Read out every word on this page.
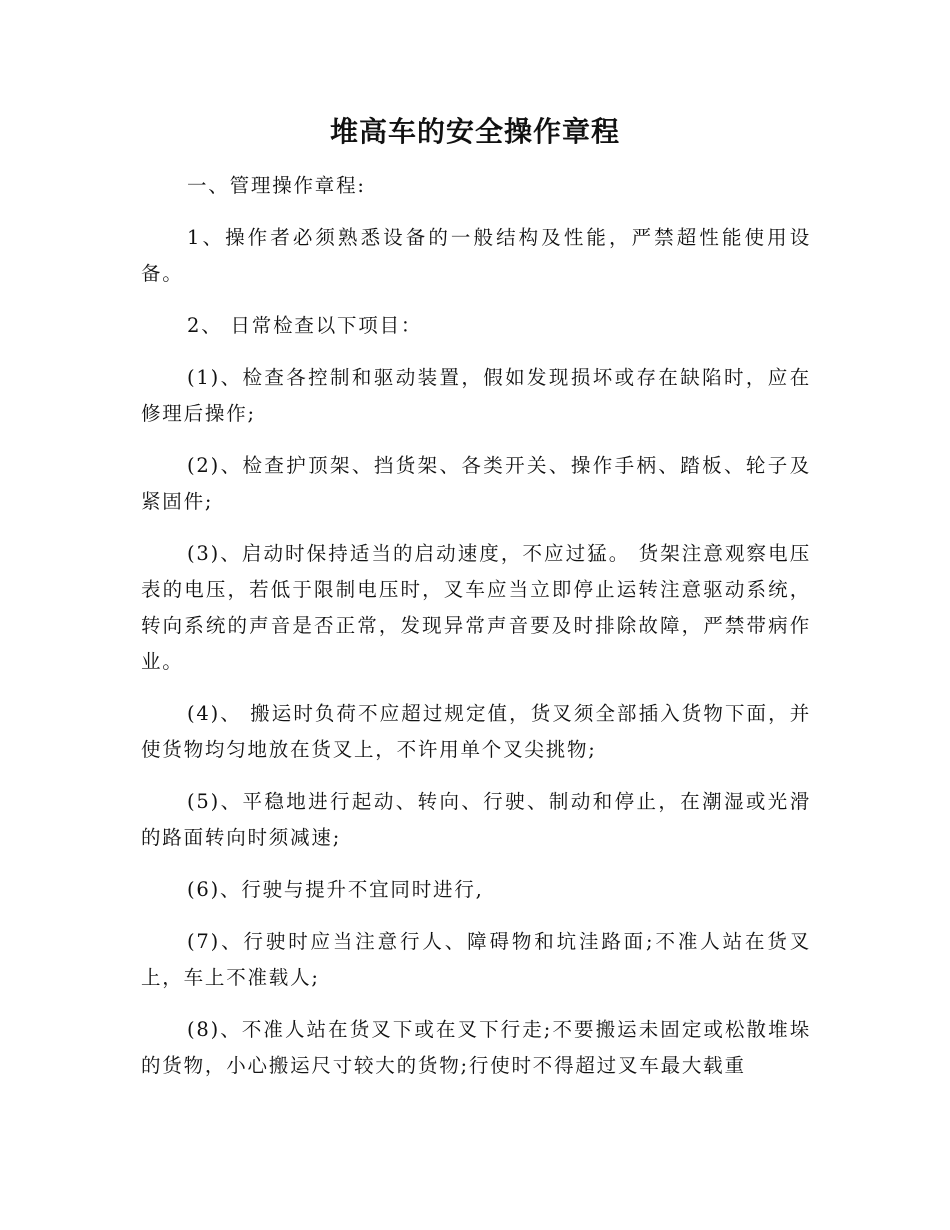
堆高车的安全操作章程

一、管理操作章程:

1、操作者必须熟悉设备的一般结构及性能，严禁超性能使用设备。

2、 日常检查以下项目：

(1)、检查各控制和驱动装置，假如发现损坏或存在缺陷时，应在修理后操作;

(2)、检查护顶架、挡货架、各类开关、操作手柄、踏板、轮子及紧固件;

(3)、启动时保持适当的启动速度，不应过猛。 货架注意观察电压表的电压，若低于限制电压时，叉车应当立即停止运转注意驱动系统，转向系统的声音是否正常，发现异常声音要及时排除故障，严禁带病作业。

(4)、 搬运时负荷不应超过规定值，货叉须全部插入货物下面，并使货物均匀地放在货叉上，不许用单个叉尖挑物;

(5)、平稳地进行起动、转向、行驶、制动和停止，在潮湿或光滑的路面转向时须减速;

(6)、行驶与提升不宜同时进行,

(7)、行驶时应当注意行人、障碍物和坑洼路面;不准人站在货叉上，车上不准载人;

(8)、不准人站在货叉下或在叉下行走;不要搬运未固定或松散堆垛的货物，小心搬运尺寸较大的货物;行使时不得超过叉车最大载重
